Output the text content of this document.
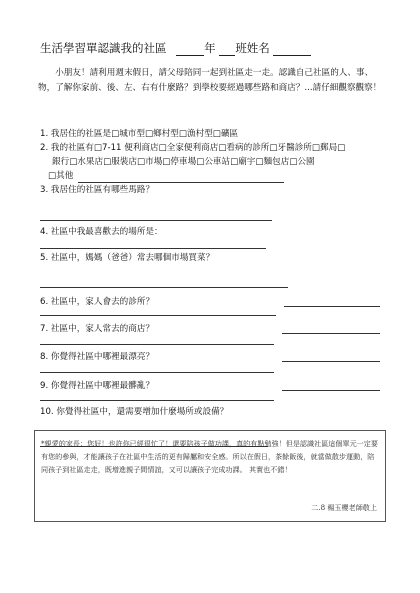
生活學習單認識我的社區	年 班姓名
小朋友！請利用週末假日，請父母陪同一起到社區走一走。認識自己社區的人、事、物，了解你家前、後、左、右有什麼路？到學校要經過哪些路和商店？...請仔細觀察觀察！
1. 我居住的社區是□城市型□鄉村型□漁村型□礦區
2. 我的社區有□7-11 便利商店□全家便利商店□看病的診所□牙醫診所□郵局□
銀行□水果店□服裝店□市場□停車場□公車站□廟宇□麵包店□公園
□其他
3. 我居住的社區有哪些馬路？
4. 社區中我最喜歡去的場所是：
5. 社區中，媽媽（爸爸）常去哪個市場買菜？
6. 社區中，家人會去的診所？
7. 社區中，家人常去的商店？
8. 你覺得社區中哪裡最漂亮？
9. 你覺得社區中哪裡最髒亂？
10. 你覺得社區中，還需要增加什麼場所或設備？
*親愛的家長：您好！也許你已經很忙了！還要陪孩子做功課，真的有點勉強！但是認識社區這個單元一定要有您的參與，才能讓孩子在社區中生活的更有歸屬和安全感。所以在假日，茶餘飯後，就當做散步運動，陪同孩子到社區走走，既增進親子間情誼，又可以讓孩子完成功課。 其實也不錯！
二.8 楊玉櫻老師敬上
